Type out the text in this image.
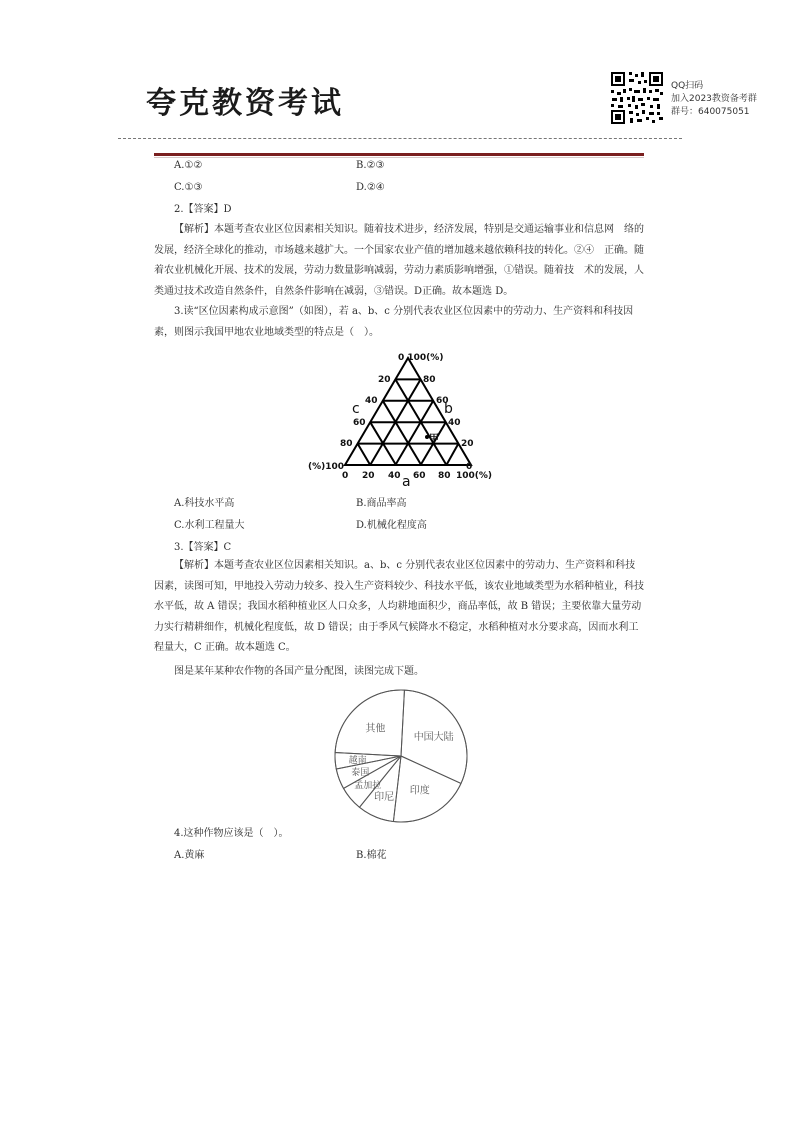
夸克教资考试	QQ扫码
加入2023教资备考群
群号：640075051
A.①②	B.②③
C.①③	D.②④
2.【答案】D
【解析】本题考查农业区位因素相关知识。随着技术进步，经济发展，特别是交通运输事业和信息网　络的发展，经济全球化的推动，市场越来越扩大。一个国家农业产值的增加越来越依赖科技的转化。②④　正确。随着农业机械化开展、技术的发展，劳动力数量影响减弱，劳动力素质影响增强，①错误。随着技　术的发展，人类通过技术改造自然条件，自然条件影响在减弱，③错误。D正确。故本题选 D。
3.读“区位因素构成示意图”（如图），若 a、b、c 分别代表农业区位因素中的劳动力、生产资料和科技因素，则图示我国甲地农业地域类型的特点是（　）。
0 100(%)
20
40
60
80
80
60
40
20
(%)100	0
0 20 40 60 80 100(%)
c	b
a
甲
A.科技水平高	B.商品率高
C.水利工程量大	D.机械化程度高
3.【答案】C
【解析】本题考查农业区位因素相关知识。a、b、c 分别代表农业区位因素中的劳动力、生产资料和科技因素，读图可知，甲地投入劳动力较多、投入生产资料较少、科技水平低，该农业地域类型为水稻种植业，科技水平低，故 A 错误；我国水稻种植业区人口众多，人均耕地面积少，商品率低，故 B 错误；主要依靠大量劳动力实行精耕细作，机械化程度低，故 D 错误；由于季风气候降水不稳定，水稻种植对水分要求高，因而水利工程量大，C 正确。故本题选 C。
图是某年某种农作物的各国产量分配图，读图完成下题。
中国大陆
印度
印尼
孟加拉
泰国
越南
其他
4.这种作物应该是（　）。
A.黄麻	B.棉花
